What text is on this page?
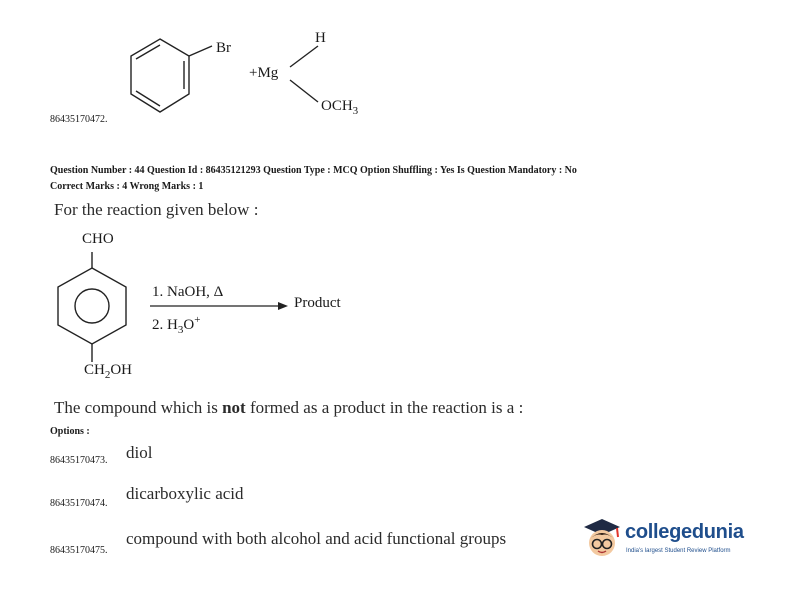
Br
+Mg
H
$OCH_3$
86435170472.
Question Number : 44 Question Id : 86435121293 Question Type : MCQ Option Shuffling : Yes Is Question Mandatory : No
Correct Marks : 4 Wrong Marks : 1
For the reaction given below :
CHO
1. NaOH, Δ
2. $H_3O^+$
Product
$CH_2OH$
The compound which is not formed as a product in the reaction is a :
Options :
86435170473. diol
86435170474.
dicarboxylic acid
86435170475.
compound with both alcohol and acid functional groups	collegedunia
India's largest Student Review Platform
